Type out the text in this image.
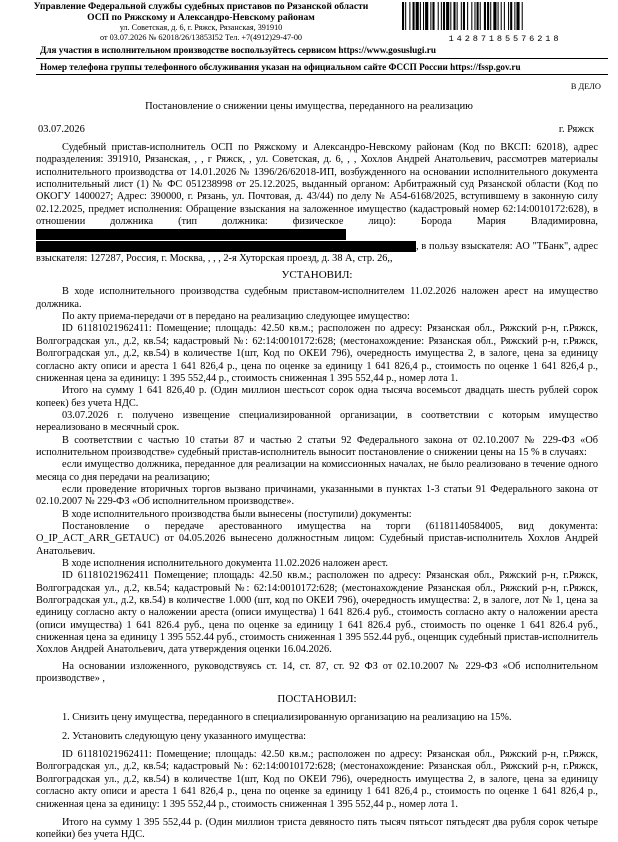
Управление Федеральной службы судебных приставов по Рязанской области
ОСП по Ряжскому и Александро-Невскому районам
ул. Советская, д. 6, г. Ряжск, Рязанская, 391910
от 03.07.2026 № 62018/26/13853I52 Тел. +7(4912)29-47-00	14287185576218
Для участия в исполнительном производстве воспользуйтесь сервисом https://www.gosuslugi.ru
Номер телефона группы телефонного обслуживания указан на официальном сайте ФССП России https://fssp.gov.ru
В ДЕЛО
Постановление о снижении цены имущества, переданного на реализацию
03.07.2026	г. Ряжск

Судебный пристав-исполнитель ОСП по Ряжскому и Александро-Невскому районам (Код по ВКСП: 62018), адрес подразделения: 391910, Рязанская, , , г Ряжск, , ул. Советская, д. 6, , , Хохлов Андрей Анатольевич, рассмотрев материалы исполнительного производства от 14.01.2026 № 1396/26/62018-ИП, возбужденного на основании исполнительного документа исполнительный лист (1) № ФС 051238998 от 25.12.2025, выданный органом: Арбитражный суд Рязанской области (Код по ОКОГУ 1400027; Адрес: 390000, г. Рязань, ул. Почтовая, д. 43/44) по делу № А54-6168/2025, вступившему в законную силу 02.12.2025, предмет исполнения: Обращение взыскания на заложенное имущество (кадастровый номер 62:14:0010172:628), в отношении должника (тип должника: физическое лицо): Борода Мария Владимировна,, в пользу взыскателя: АО "ТБанк", адрес взыскателя: 127287, Россия, г. Москва, , , , 2-я Хуторская проезд, д. 38 А, стр. 26,,

УСТАНОВИЛ:

В ходе исполнительного производства судебным приставом-исполнителем 11.02.2026 наложен арест на имущество должника.

По акту приема-передачи от в передано на реализацию следующее имущество:

ID 61181021962411: Помещение; площадь: 42.50 кв.м.; расположен по адресу: Рязанская обл., Ряжский р-н, г.Ряжск, Волгоградская ул., д.2, кв.54; кадастровый №: 62:14:0010172:628; (местонахождение: Рязанская обл., Ряжский р-н, г.Ряжск, Волгоградская ул., д.2, кв.54) в количестве 1(шт, Код по ОКЕИ 796), очередность имущества 2, в залоге, цена за единицу согласно акту описи и ареста 1 641 826,4 р., цена по оценке за единицу 1 641 826,4 р., стоимость по оценке 1 641 826,4 р., сниженная цена за единицу: 1 395 552,44 р., стоимость сниженная 1 395 552,44 р., номер лота 1.

Итого на сумму 1 641 826,40 р. (Один миллион шестьсот сорок одна тысяча восемьсот двадцать шесть рублей сорок копеек) без учета НДС.

03.07.2026 г. получено извещение специализированной организации, в соответствии с которым имущество нереализовано в месячный срок.

В соответствии с частью 10 статьи 87 и частью 2 статьи 92 Федерального закона от 02.10.2007 № 229-ФЗ «Об исполнительном производстве» судебный пристав-исполнитель выносит постановление о снижении цены на 15 % в случаях:

если имущество должника, переданное для реализации на комиссионных началах, не было реализовано в течение одного месяца со дня передачи на реализацию;

если проведение вторичных торгов вызвано причинами, указанными в пунктах 1-3 статьи 91 Федерального закона от 02.10.2007 № 229-ФЗ «Об исполнительном производстве».

В ходе исполнительного производства были вынесены (поступили) документы:

Постановление о передаче арестованного имущества на торги (61181140584005, вид документа: O_IP_ACT_ARR_GETAUC) от 04.05.2026 вынесено должностным лицом: Судебный пристав-исполнитель Хохлов Андрей Анатольевич.

В ходе исполнения исполнительного документа 11.02.2026 наложен арест.

ID 61181021962411 Помещение; площадь: 42.50 кв.м.; расположен по адресу: Рязанская обл., Ряжский р-н, г.Ряжск, Волгоградская ул., д.2, кв.54; кадастровый №: 62:14:0010172:628; (местонахождение Рязанская обл., Ряжский р-н, г.Ряжск, Волгоградская ул., д.2, кв.54) в количестве 1.000 (шт, код по ОКЕИ 796), очередность имущества: 2, в залоге, лот № 1, цена за единицу согласно акту о наложении ареста (описи имущества) 1 641 826.4 руб., стоимость согласно акту о наложении ареста (описи имущества) 1 641 826.4 руб., цена по оценке за единицу 1 641 826.4 руб., стоимость по оценке 1 641 826.4 руб., сниженная цена за единицу 1 395 552.44 руб., стоимость сниженная 1 395 552.44 руб., оценщик судебный пристав-исполнитель Хохлов Андрей Анатольевич, дата утверждения оценки 16.04.2026.

На основании изложенного, руководствуясь ст. 14, ст. 87, ст. 92 ФЗ от 02.10.2007 № 229-ФЗ «Об исполнительном производстве» ,

ПОСТАНОВИЛ:

1. Снизить цену имущества, переданного в специализированную организацию на реализацию на 15%.

2. Установить следующую цену указанного имущества:

ID 61181021962411: Помещение; площадь: 42.50 кв.м.; расположен по адресу: Рязанская обл., Ряжский р-н, г.Ряжск, Волгоградская ул., д.2, кв.54; кадастровый №: 62:14:0010172:628; (местонахождение: Рязанская обл., Ряжский р-н, г.Ряжск, Волгоградская ул., д.2, кв.54) в количестве 1(шт, Код по ОКЕИ 796), очередность имущества 2, в залоге, цена за единицу согласно акту описи и ареста 1 641 826,4 р., цена по оценке за единицу 1 641 826,4 р., стоимость по оценке 1 641 826,4 р., сниженная цена за единицу: 1 395 552,44 р., стоимость сниженная 1 395 552,44 р., номер лота 1.

Итого на сумму 1 395 552,44 р. (Один миллион триста девяносто пять тысяч пятьсот пятьдесят два рубля сорок четыре копейки) без учета НДС.
